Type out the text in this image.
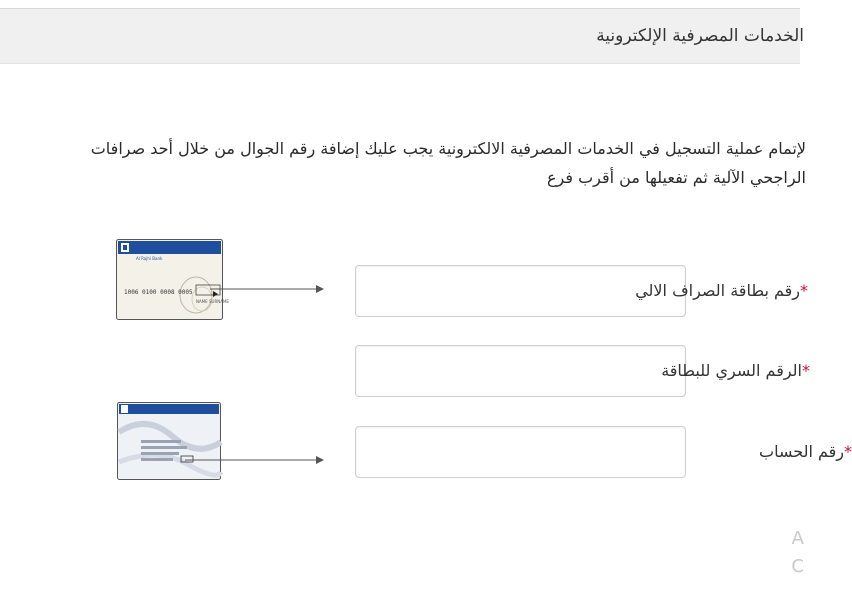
الخدمات المصرفية الإلكترونية
لإتمام عملية التسجيل في الخدمات المصرفية الالكترونية يجب عليك إضافة رقم الجوال من خلال أحد صرافات
الراجحي الآلية ثم تفعيلها من أقرب فرع
Al Rajhi Bank
1006 0100 0008 0005
NAME SURNAME
*رقم بطاقة الصراف الالي
*الرقم السري للبطاقة
*رقم الحساب
A
C
